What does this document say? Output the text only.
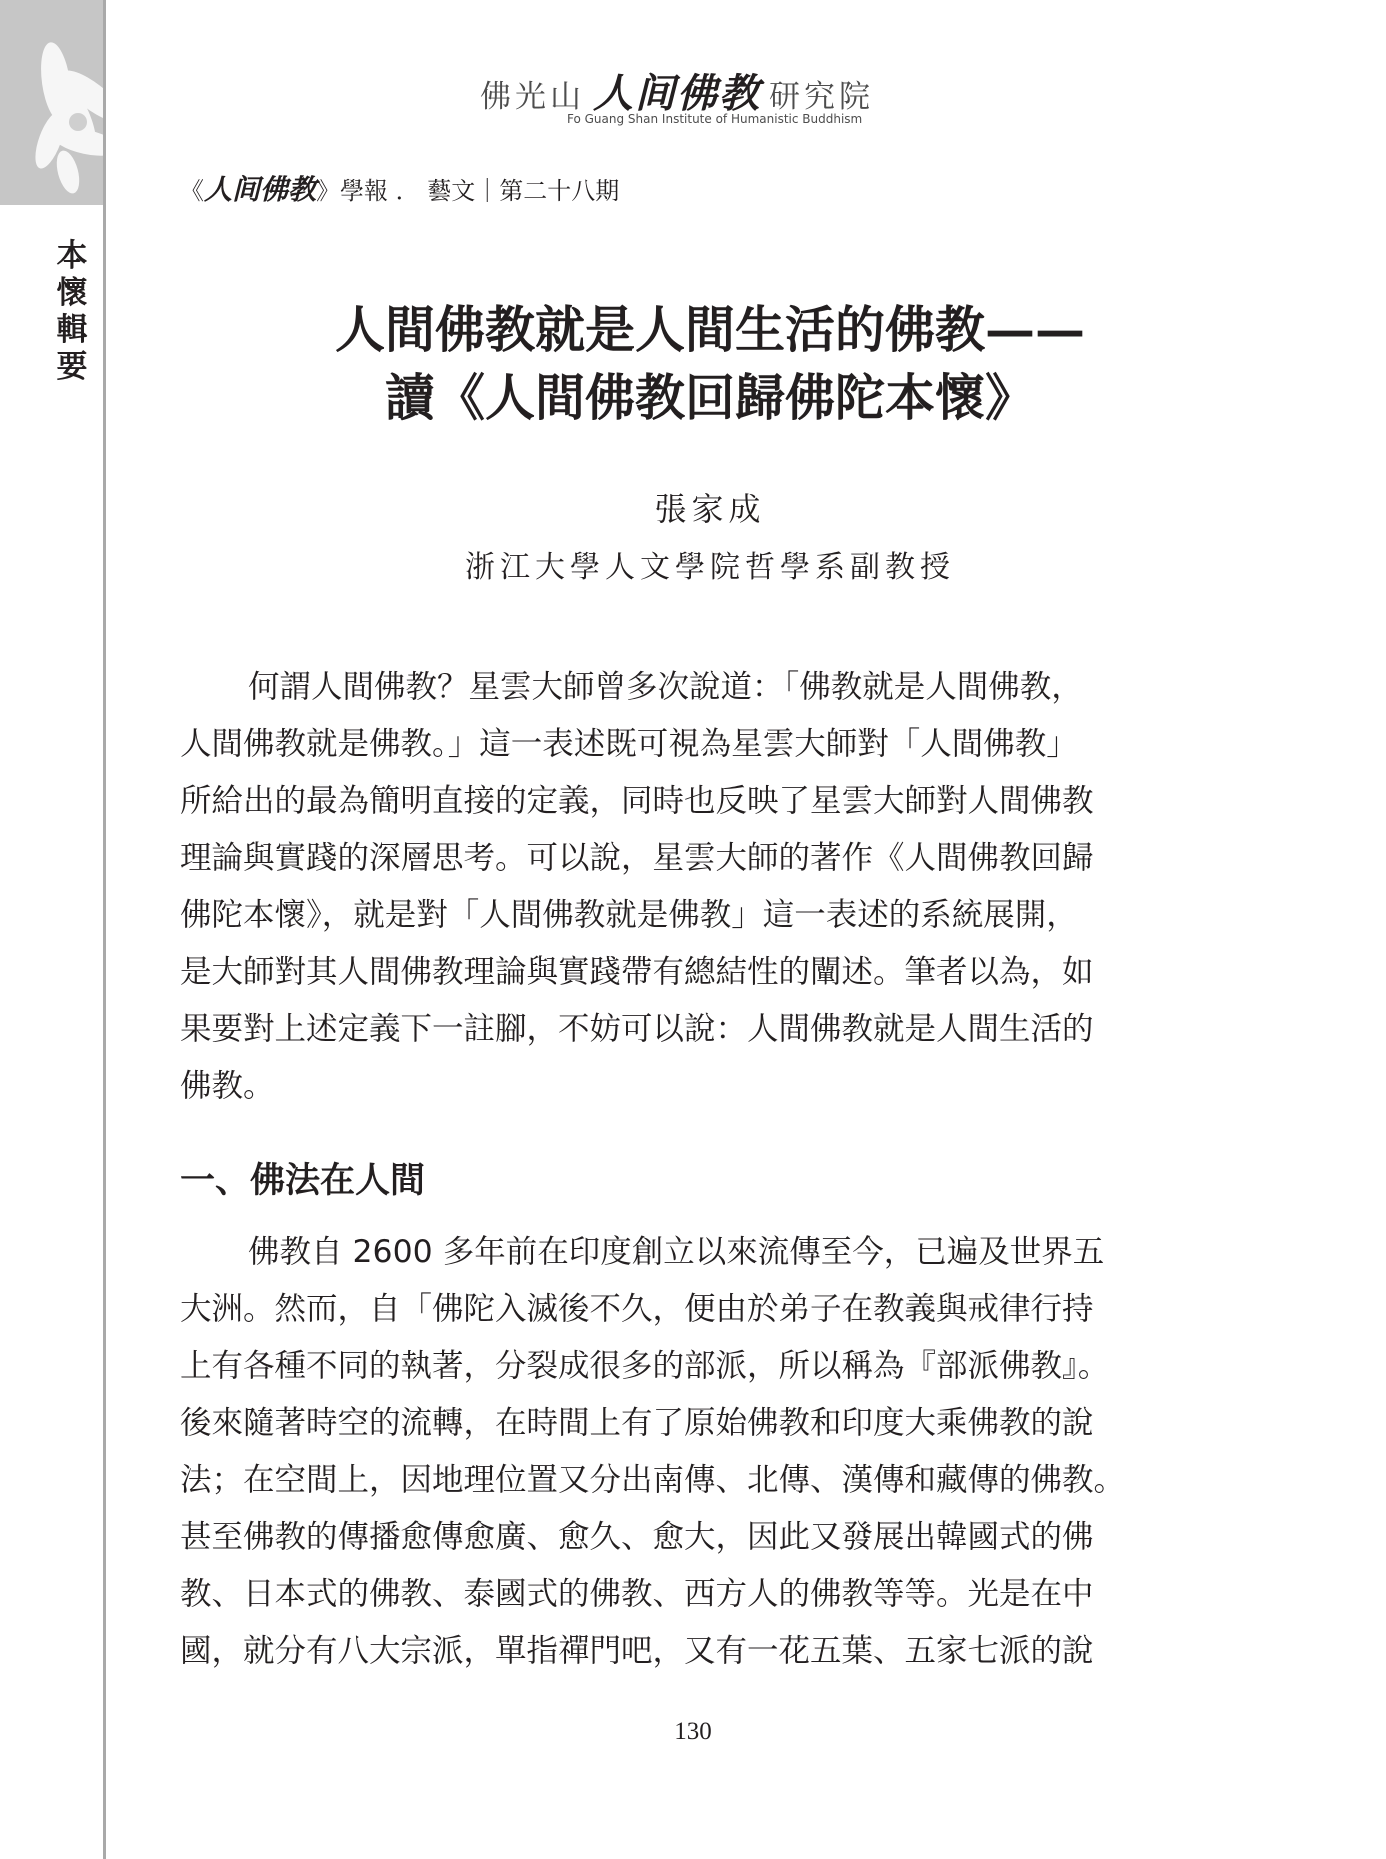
本
懷
輯
要
佛光山 人间佛教 研究院
Fo Guang Shan Institute of Humanistic Buddhism
《人间佛教》學報 ． 藝文｜第二十八期
人間佛教就是人間生活的佛教——
讀《人間佛教回歸佛陀本懷》
張家成
浙江大學人文學院哲學系副教授
何謂人間佛教？星雲大師曾多次說道：「佛教就是人間佛教，
人間佛教就是佛教。」這一表述既可視為星雲大師對「人間佛教」
所給出的最為簡明直接的定義，同時也反映了星雲大師對人間佛教
理論與實踐的深層思考。可以說，星雲大師的著作《人間佛教回歸
佛陀本懷》，就是對「人間佛教就是佛教」這一表述的系統展開，
是大師對其人間佛教理論與實踐帶有總結性的闡述。筆者以為，如
果要對上述定義下一註腳，不妨可以說：人間佛教就是人間生活的
佛教。
一、佛法在人間
佛教自 2600 多年前在印度創立以來流傳至今，已遍及世界五
大洲。然而，自「佛陀入滅後不久，便由於弟子在教義與戒律行持
上有各種不同的執著，分裂成很多的部派，所以稱為『部派佛教』。
後來隨著時空的流轉，在時間上有了原始佛教和印度大乘佛教的說
法；在空間上，因地理位置又分出南傳、北傳、漢傳和藏傳的佛教。
甚至佛教的傳播愈傳愈廣、愈久、愈大，因此又發展出韓國式的佛
教、日本式的佛教、泰國式的佛教、西方人的佛教等等。光是在中
國，就分有八大宗派，單指禪門吧，又有一花五葉、五家七派的說
130
